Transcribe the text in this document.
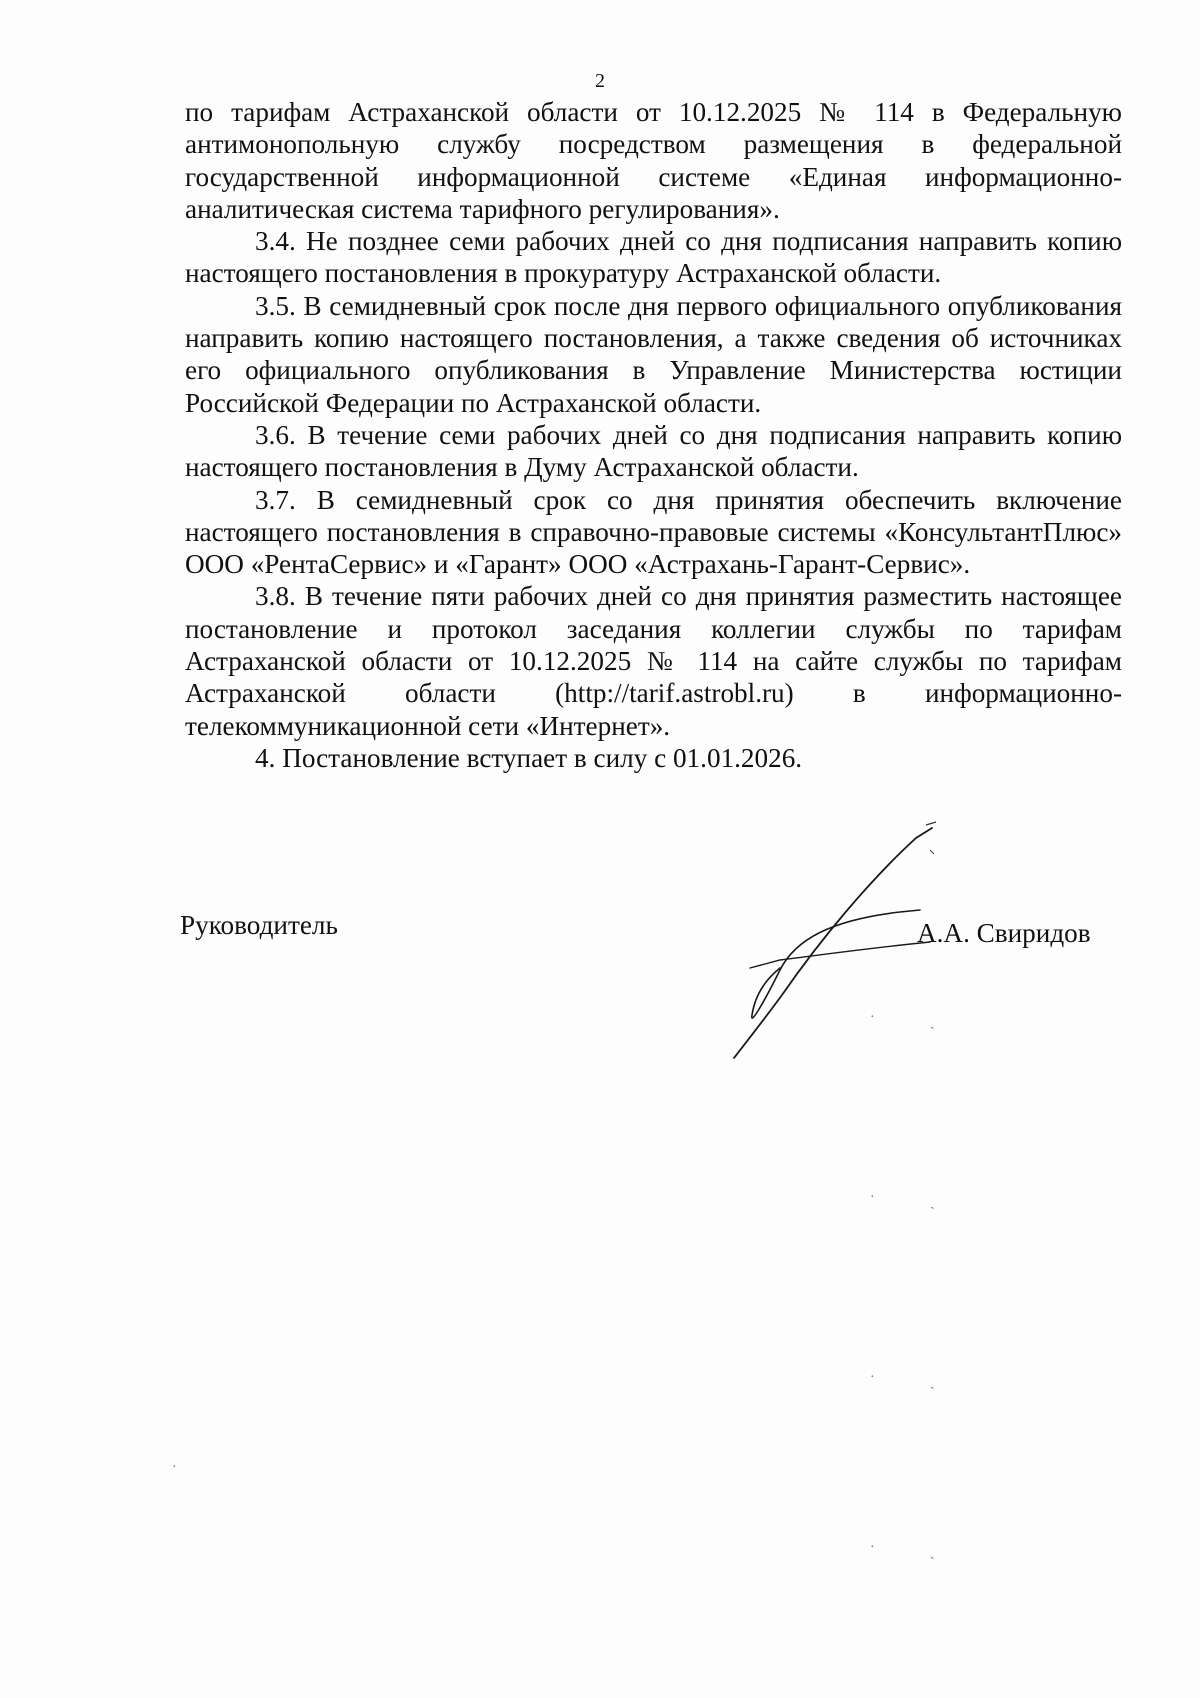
2

по тарифам Астраханской области от 10.12.2025 № 114 в Федеральную антимонопольную службу посредством размещения в федеральной государственной информационной системе «Единая информационно-аналитическая система тарифного регулирования».

3.4. Не позднее семи рабочих дней со дня подписания направить копию настоящего постановления в прокуратуру Астраханской области.

3.5. В семидневный срок после дня первого официального опубликования направить копию настоящего постановления, а также сведения об источниках его официального опубликования в Управление Министерства юстиции Российской Федерации по Астраханской области.

3.6. В течение семи рабочих дней со дня подписания направить копию настоящего постановления в Думу Астраханской области.

3.7. В семидневный срок со дня принятия обеспечить включение настоящего постановления в справочно-правовые системы «КонсультантПлюс» ООО «РентаСервис» и «Гарант» ООО «Астрахань-Гарант-Сервис».

3.8. В течение пяти рабочих дней со дня принятия разместить настоящее постановление и протокол заседания коллегии службы по тарифам Астраханской области от 10.12.2025 № 114 на сайте службы по тарифам Астраханской области (http://tarif.astrobl.ru) в информационно-телекоммуникационной сети «Интернет».

4. Постановление вступает в силу с 01.01.2026.

Руководитель	А.А. Свиридов
·	ˎ
·	ˎ
·	ˎ
·	ˎ
·
